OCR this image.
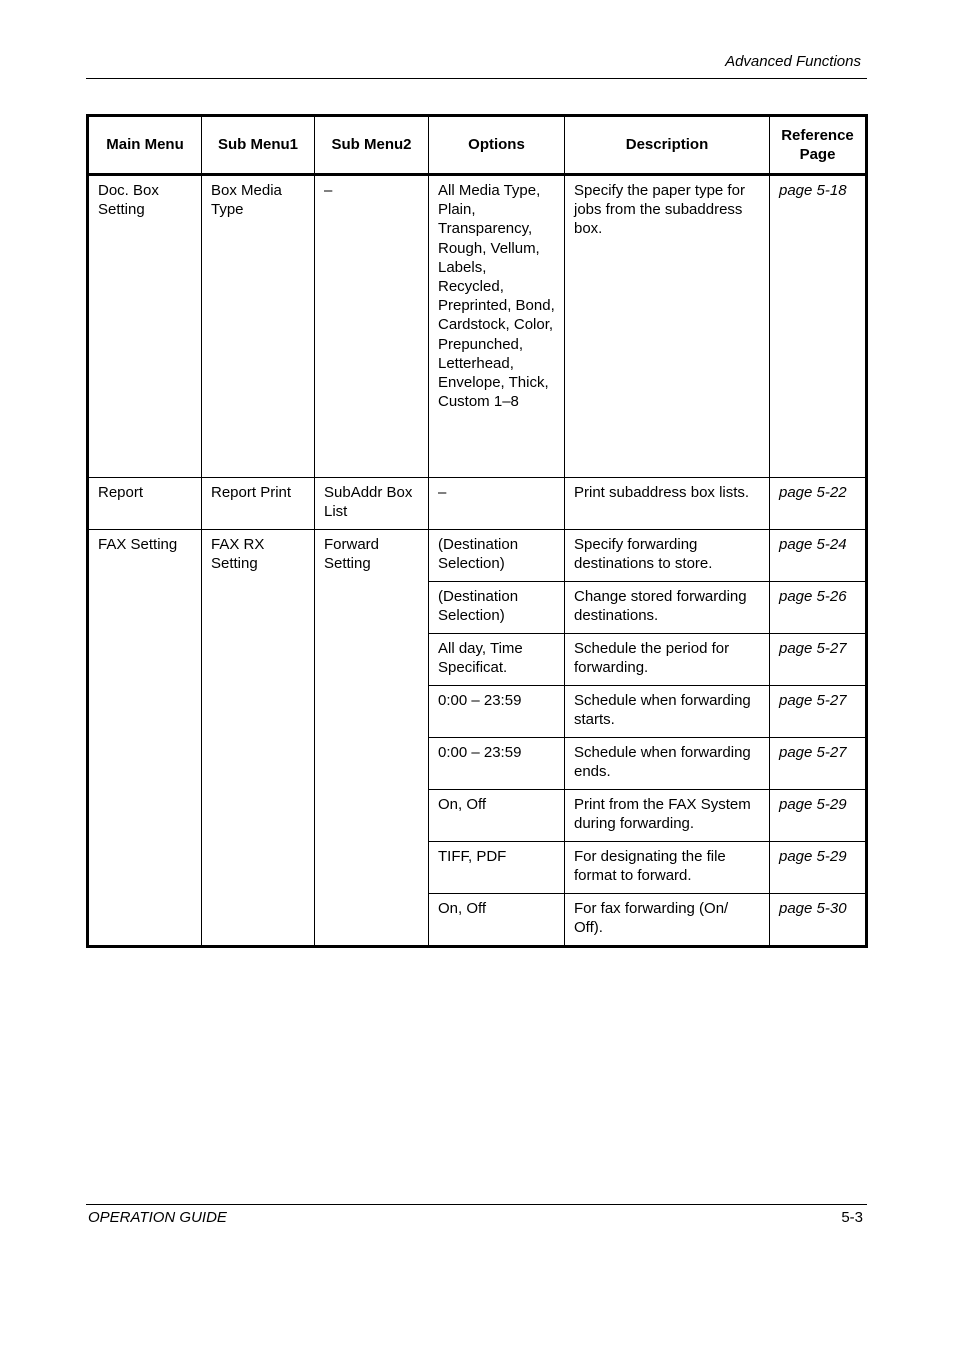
Advanced Functions
Main Menu	Sub Menu1	Sub Menu2	Options	Description	Reference Page
Doc. Box Setting	Box Media Type	–	All Media Type, Plain, Transparency, Rough, Vellum, Labels, Recycled, Preprinted, Bond, Cardstock, Color, Prepunched, Letterhead, Envelope, Thick, Custom 1–8	Specify the paper type for jobs from the subaddress box.	page 5-18
Report	Report Print	SubAddr Box List	–	Print subaddress box lists.	page 5-22
FAX Setting	FAX RX Setting	Forward Setting	(Destination Selection)	Specify forwarding destinations to store.	page 5-24
			(Destination Selection)	Change stored forwarding destinations.	page 5-26
			All day, Time Specificat.	Schedule the period for forwarding.	page 5-27
			0:00 – 23:59	Schedule when forwarding starts.	page 5-27
			0:00 – 23:59	Schedule when forwarding ends.	page 5-27
			On, Off	Print from the FAX System during forwarding.	page 5-29
			TIFF, PDF	For designating the file format to forward.	page 5-29
			On, Off	For fax forwarding (On/ Off).	page 5-30
OPERATION GUIDE	5-3
